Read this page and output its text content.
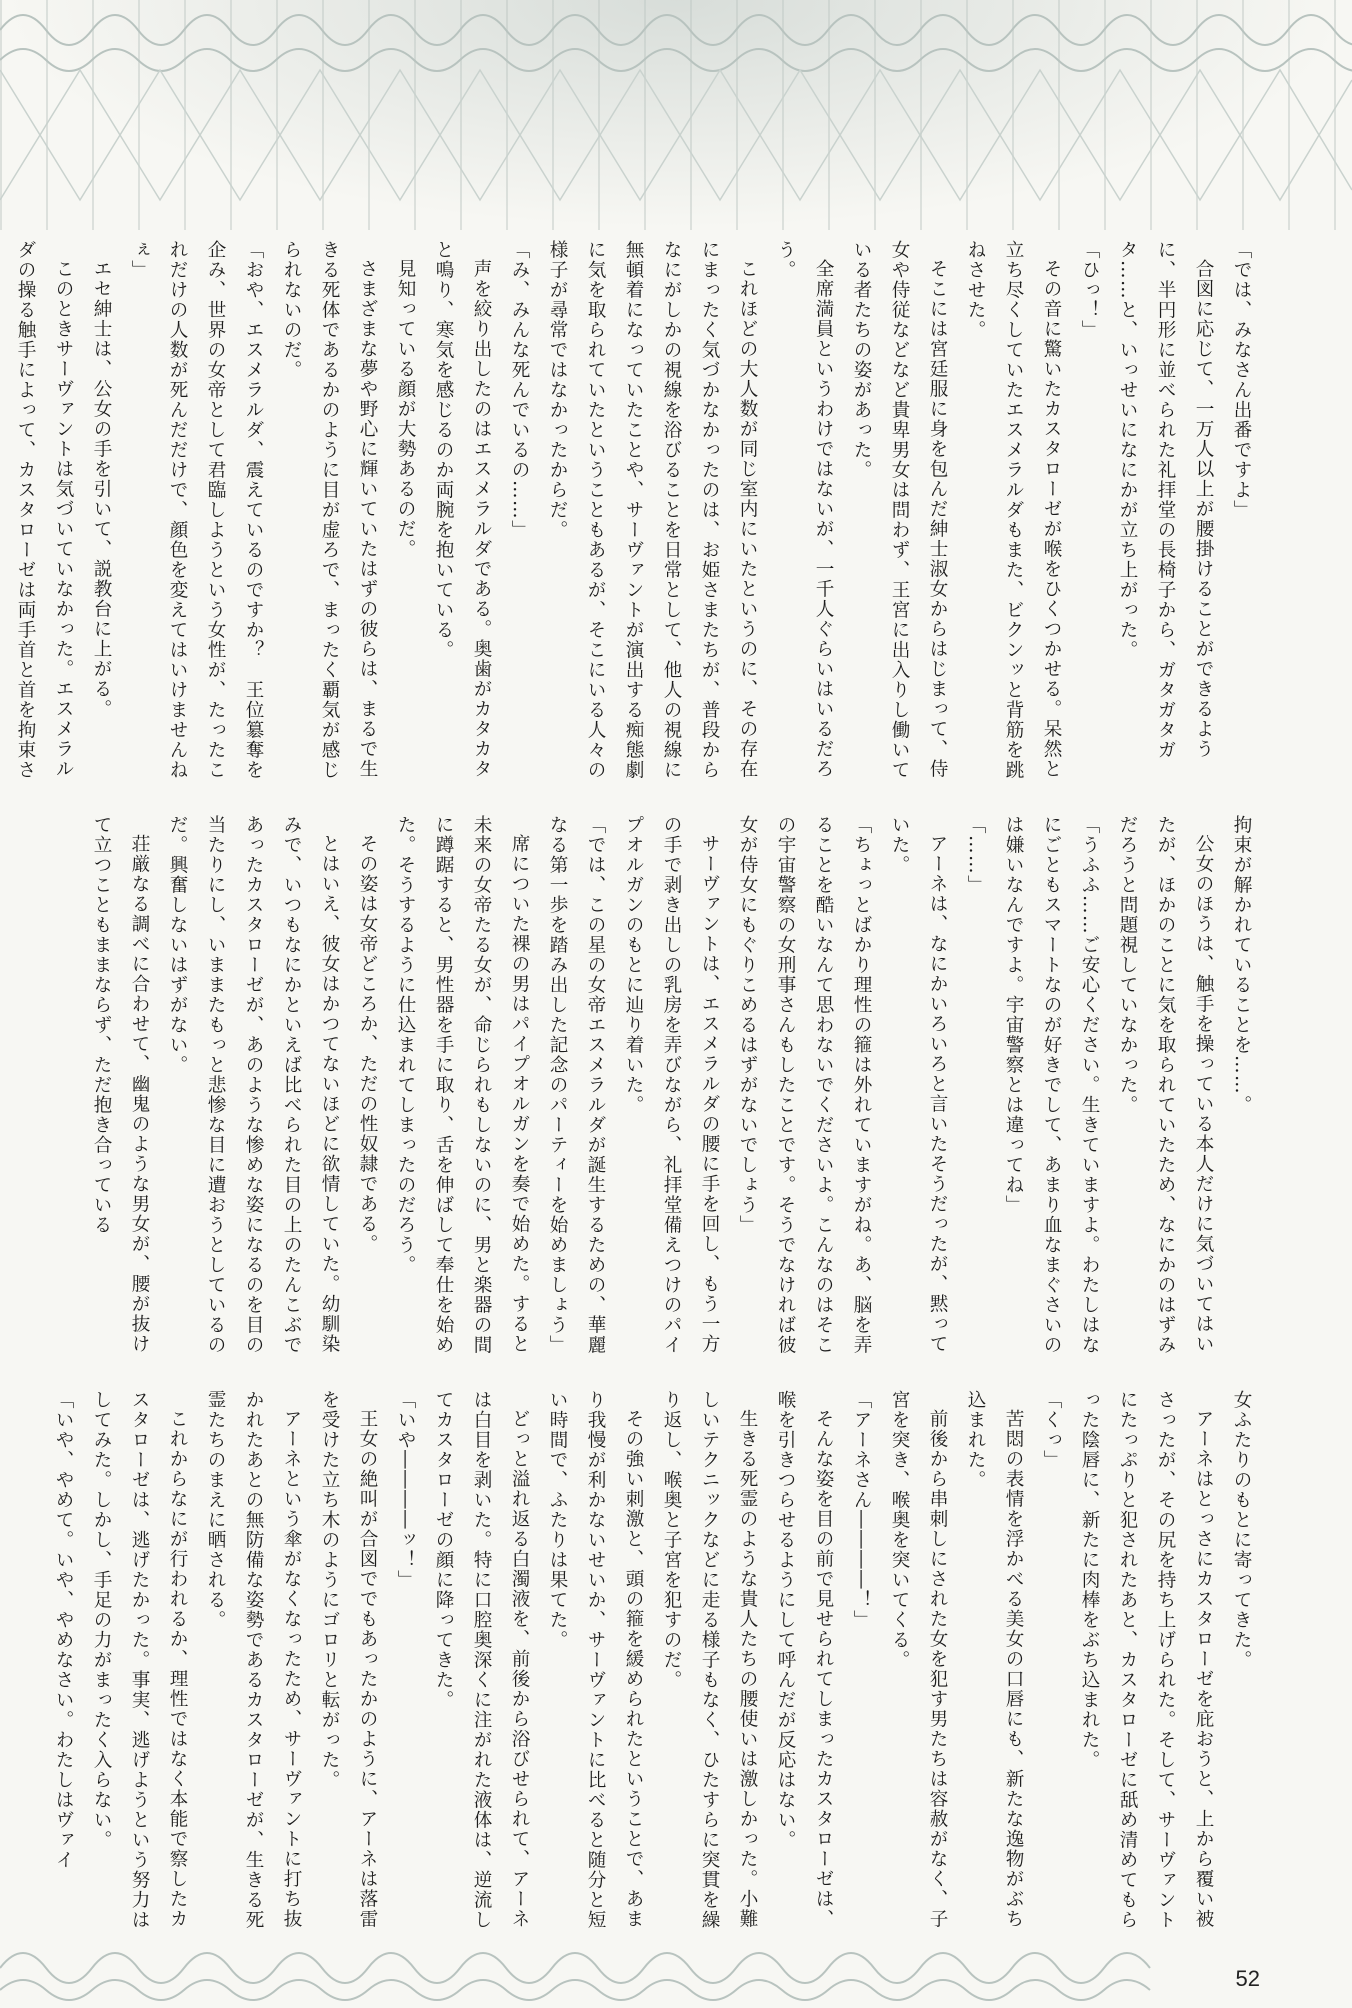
「では、みなさん出番ですよ」

合図に応じて、一万人以上が腰掛けることができるように、半円形に並べられた礼拝堂の長椅子から、ガタガタガタ……と、いっせいになにかが立ち上がった。

「ひっ！」

その音に驚いたカスタローゼが喉をひくつかせる。呆然と立ち尽くしていたエスメラルダもまた、ビクンッと背筋を跳ねさせた。

そこには宮廷服に身を包んだ紳士淑女からはじまって、侍女や侍従などなど貴卑男女は問わず、王宮に出入りし働いている者たちの姿があった。

全席満員というわけではないが、一千人ぐらいはいるだろう。

これほどの大人数が同じ室内にいたというのに、その存在にまったく気づかなかったのは、お姫さまたちが、普段からなにがしかの視線を浴びることを日常として、他人の視線に無頓着になっていたことや、サーヴァントが演出する痴態劇に気を取られていたということもあるが、そこにいる人々の様子が尋常ではなかったからだ。

「み、みんな死んでいるの……」

声を絞り出したのはエスメラルダである。奥歯がカタカタと鳴り、寒気を感じるのか両腕を抱いている。

見知っている顔が大勢あるのだ。

さまざまな夢や野心に輝いていたはずの彼らは、まるで生きる死体であるかのように目が虚ろで、まったく覇気が感じられないのだ。

「おや、エスメラルダ、震えているのですか？　王位簒奪を企み、世界の女帝として君臨しようという女性が、たったこれだけの人数が死んだだけで、顔色を変えてはいけませんねぇ」

エセ紳士は、公女の手を引いて、説教台に上がる。

このときサーヴァントは気づいていなかった。エスメラルダの操る触手によって、カスタローゼは両手首と首を拘束さ

拘束が解かれていることを……。

公女のほうは、触手を操っている本人だけに気づいてはいたが、ほかのことに気を取られていたため、なにかのはずみだろうと問題視していなかった。

「うふふ……ご安心ください。生きていますよ。わたしはなにごともスマートなのが好きでして、あまり血なまぐさいのは嫌いなんですよ。宇宙警察とは違ってね」

「……」

アーネは、なにかいろいろと言いたそうだったが、黙っていた。

「ちょっとばかり理性の箍は外れていますがね。あ、脳を弄ることを酷いなんて思わないでくださいよ。こんなのはそこの宇宙警察の女刑事さんもしたことです。そうでなければ彼女が侍女にもぐりこめるはずがないでしょう」

サーヴァントは、エスメラルダの腰に手を回し、もう一方の手で剥き出しの乳房を弄びながら、礼拝堂備えつけのパイプオルガンのもとに辿り着いた。

「では、この星の女帝エスメラルダが誕生するための、華麗なる第一歩を踏み出した記念のパーティーを始めましょう」

席についた裸の男はパイプオルガンを奏で始めた。すると未来の女帝たる女が、命じられもしないのに、男と楽器の間に蹲踞すると、男性器を手に取り、舌を伸ばして奉仕を始めた。そうするように仕込まれてしまったのだろう。

その姿は女帝どころか、ただの性奴隷である。

とはいえ、彼女はかつてないほどに欲情していた。幼馴染みで、いつもなにかといえば比べられた目の上のたんこぶであったカスタローゼが、あのような惨めな姿になるのを目の当たりにし、いままたもっと悲惨な目に遭おうとしているのだ。興奮しないはずがない。

荘厳なる調べに合わせて、幽鬼のような男女が、腰が抜けて立つこともままならず、ただ抱き合っている

女ふたりのもとに寄ってきた。

アーネはとっさにカスタローゼを庇おうと、上から覆い被さったが、その尻を持ち上げられた。そして、サーヴァントにたっぷりと犯されたあと、カスタローゼに舐め清めてもらった陰唇に、新たに肉棒をぶち込まれた。

「くっ」

苦悶の表情を浮かべる美女の口唇にも、新たな逸物がぶち込まれた。

前後から串刺しにされた女を犯す男たちは容赦がなく、子宮を突き、喉奥を突いてくる。

「アーネさん――――！」

そんな姿を目の前で見せられてしまったカスタローゼは、喉を引きつらせるようにして呼んだが反応はない。

生きる死霊のような貴人たちの腰使いは激しかった。小難しいテクニックなどに走る様子もなく、ひたすらに突貫を繰り返し、喉奥と子宮を犯すのだ。

その強い刺激と、頭の箍を緩められたということで、あまり我慢が利かないせいか、サーヴァントに比べると随分と短い時間で、ふたりは果てた。

どっと溢れ返る白濁液を、前後から浴びせられて、アーネは白目を剥いた。特に口腔奥深くに注がれた液体は、逆流してカスタローゼの顔に降ってきた。

「いや――――ッ！」

王女の絶叫が合図ででもあったかのように、アーネは落雷を受けた立ち木のようにゴロリと転がった。

アーネという傘がなくなったため、サーヴァントに打ち抜かれたあとの無防備な姿勢であるカスタローゼが、生きる死霊たちのまえに晒される。

これからなにが行われるか、理性ではなく本能で察したカスタローゼは、逃げたかった。事実、逃げようという努力はしてみた。しかし、手足の力がまったく入らない。

「いや、やめて。いや、やめなさい。わたしはヴァイ

52
